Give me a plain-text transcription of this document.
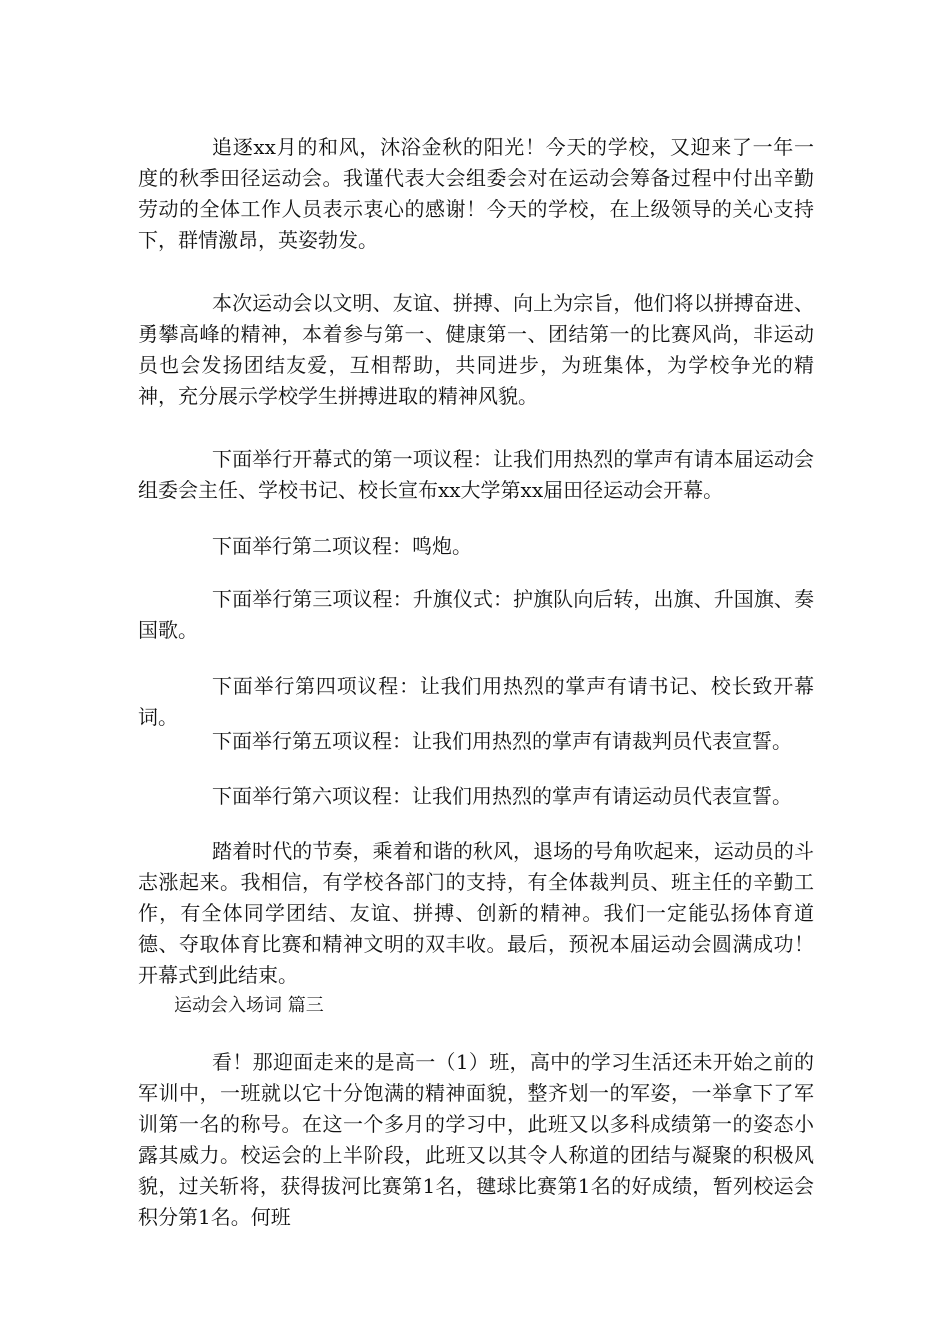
追逐xx月的和风，沐浴金秋的阳光！今天的学校，又迎来了一年一度的秋季田径运动会。我谨代表大会组委会对在运动会筹备过程中付出辛勤劳动的全体工作人员表示衷心的感谢！今天的学校，在上级领导的关心支持下，群情激昂，英姿勃发。

本次运动会以文明、友谊、拼搏、向上为宗旨，他们将以拼搏奋进、勇攀高峰的精神，本着参与第一、健康第一、团结第一的比赛风尚，非运动员也会发扬团结友爱，互相帮助，共同进步，为班集体，为学校争光的精神，充分展示学校学生拼搏进取的精神风貌。

下面举行开幕式的第一项议程：让我们用热烈的掌声有请本届运动会组委会主任、学校书记、校长宣布xx大学第xx届田径运动会开幕。

下面举行第二项议程：鸣炮。

下面举行第三项议程：升旗仪式：护旗队向后转，出旗、升国旗、奏国歌。

下面举行第四项议程：让我们用热烈的掌声有请书记、校长致开幕词。

下面举行第五项议程：让我们用热烈的掌声有请裁判员代表宣誓。

下面举行第六项议程：让我们用热烈的掌声有请运动员代表宣誓。

踏着时代的节奏，乘着和谐的秋风，退场的号角吹起来，运动员的斗志涨起来。我相信，有学校各部门的支持，有全体裁判员、班主任的辛勤工作，有全体同学团结、友谊、拼搏、创新的精神。我们一定能弘扬体育道德、夺取体育比赛和精神文明的双丰收。最后，预祝本届运动会圆满成功！开幕式到此结束。

运动会入场词 篇三

看！那迎面走来的是高一（1）班，高中的学习生活还未开始之前的军训中，一班就以它十分饱满的精神面貌，整齐划一的军姿，一举拿下了军训第一名的称号。在这一个多月的学习中，此班又以多科成绩第一的姿态小露其威力。校运会的上半阶段，此班又以其令人称道的团结与凝聚的积极风貌，过关斩将，获得拔河比赛第1名，毽球比赛第1名的好成绩，暂列校运会积分第1名。何班
